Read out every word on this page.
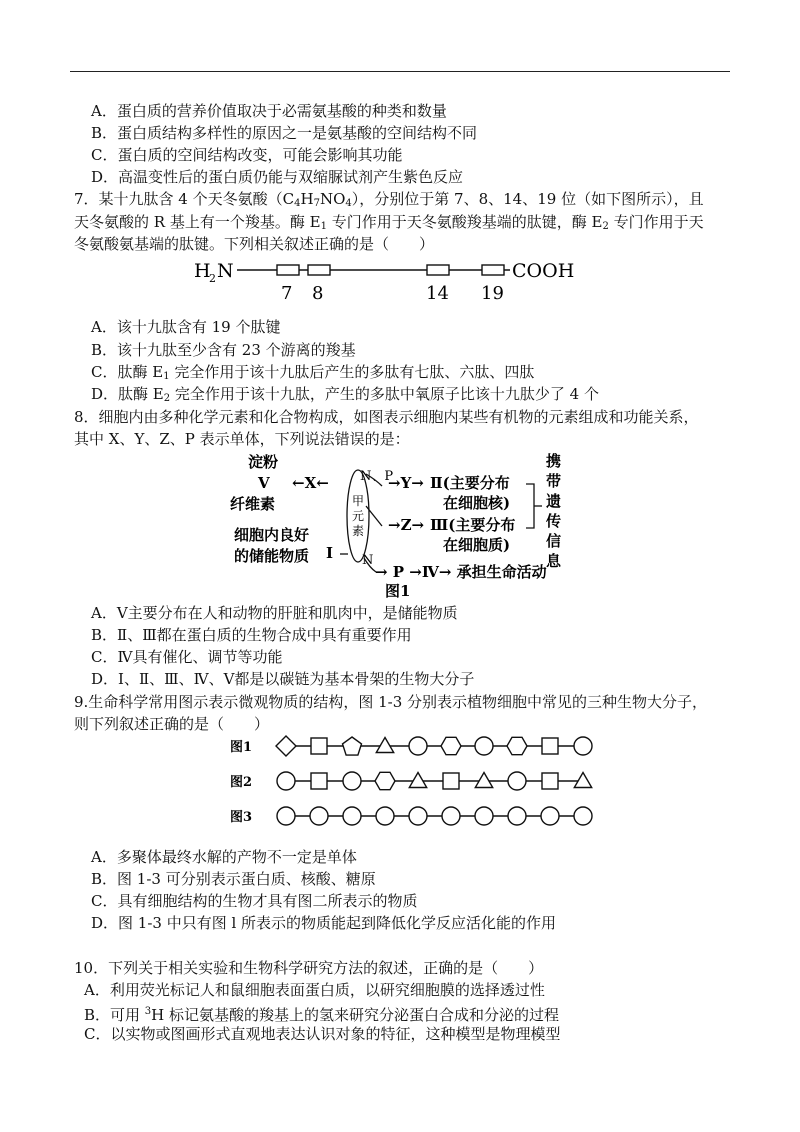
A．蛋白质的营养价值取决于必需氨基酸的种类和数量
B．蛋白质结构多样性的原因之一是氨基酸的空间结构不同
C．蛋白质的空间结构改变，可能会影响其功能
D．高温变性后的蛋白质仍能与双缩脲试剂产生紫色反应
7．某十九肽含 4 个天冬氨酸$(C_4H_7NO_4)$，分别位于第 7、8、14、19 位（如下图所示），且
天冬氨酸的 R 基上有一个羧基。酶 $E_1$ 专门作用于天冬氨酸羧基端的肽键，酶 $E_2$ 专门作用于天
冬氨酸氨基端的肽键。下列相关叙述正确的是（　　）
H
2 N	COOH
7 8	14 19
A．该十九肽含有 19 个肽键
B．该十九肽至少含有 23 个游离的羧基
C．肽酶 $E_1$ 完全作用于该十九肽后产生的多肽有七肽、六肽、四肽
D．肽酶 $E_2$ 完全作用于该十九肽，产生的多肽中氧原子比该十九肽少了 4 个
8．细胞内由多种化学元素和化合物构成，如图表示细胞内某些有机物的元素组成和功能关系，
其中 X、Y、Z、P 表示单体，下列说法错误的是：
淀粉
V
纤维素
←X←
细胞内良好
的储能物质 I
N、P
→Y→ Ⅱ(主要分布
在细胞核)
→Z→ Ⅲ(主要分布
在细胞质)
N
→ P →Ⅳ→ 承担生命活动
携
带
遗
传
信
息
图1
甲
元
素
A．Ⅴ主要分布在人和动物的肝脏和肌肉中，是储能物质
B．Ⅱ、Ⅲ都在蛋白质的生物合成中具有重要作用
C．Ⅳ具有催化、调节等功能
D．Ⅰ、Ⅱ、Ⅲ、Ⅳ、Ⅴ都是以碳链为基本骨架的生物大分子
9.生命科学常用图示表示微观物质的结构，图 1-3 分别表示植物细胞中常见的三种生物大分子，
则下列叙述正确的是（　　）
图1
图2
图3
A．多聚体最终水解的产物不一定是单体
B．图 1-3 可分别表示蛋白质、核酸、糖原
C．具有细胞结构的生物才具有图二所表示的物质
D．图 1-3 中只有图 l 所表示的物质能起到降低化学反应活化能的作用
10．下列关于相关实验和生物科学研究方法的叙述，正确的是（　　）
A．利用荧光标记人和鼠细胞表面蛋白质，以研究细胞膜的选择透过性
B．可用 $^3$H 标记氨基酸的羧基上的氢来研究分泌蛋白合成和分泌的过程
C．以实物或图画形式直观地表达认识对象的特征，这种模型是物理模型
